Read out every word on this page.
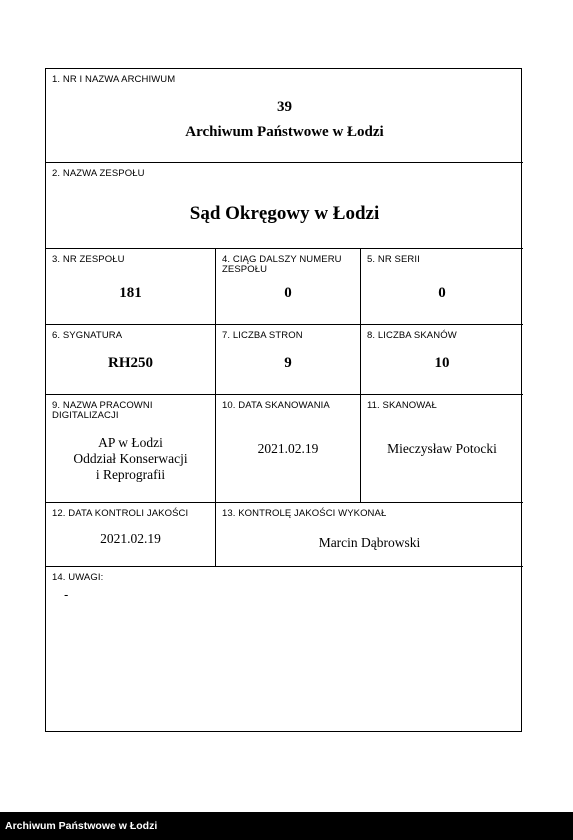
1. NR I NAZWA ARCHIWUM
39
Archiwum Państwowe w Łodzi
2. NAZWA ZESPOŁU
Sąd Okręgowy w Łodzi
3. NR ZESPOŁU
181
4. CIĄG DALSZY NUMERU ZESPOŁU
0
5. NR SERII
0
6. SYGNATURA
RH250
7. LICZBA STRON
9
8. LICZBA SKANÓW
10
9. NAZWA PRACOWNI DIGITALIZACJI
AP w Łodzi
Oddział Konserwacji
i Reprografii
10. DATA SKANOWANIA
2021.02.19
11. SKANOWAŁ
Mieczysław Potocki
12. DATA KONTROLI JAKOŚCI
2021.02.19
13. KONTROLĘ JAKOŚCI WYKONAŁ
Marcin Dąbrowski
14. UWAGI:
-
Archiwum Państwowe w Łodzi
